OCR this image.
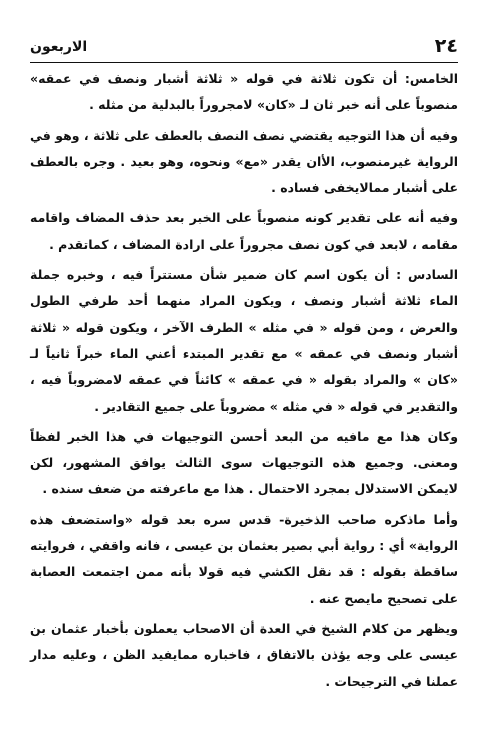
٢٤
الاربعون

الخامس: أن تكون ثلاثة في قوله « ثلاثة أشبار ونصف في عمقه» منصوباً على أنه خبر ثان لـ «كان» لامجروراً بالبدلية من مثله .

وفيه أن هذا التوجيه يقتضي نصف النصف بالعطف على ثلاثة ، وهو في الرواية غيرمنصوب، الأان يقدر «مع» ونحوه، وهو بعيد . وجره بالعطف على أشبار ممالايخفى فساده .

وفيه أنه على تقدير كونه منصوباً على الخبر بعد حذف المضاف واقامه مقامه ، لابعد في كون نصف مجروراً على ارادة المضاف ، كماتقدم .

السادس : أن يكون اسم كان ضمير شأن مستتراً فيه ، وخبره جملة الماء ثلاثة أشبار ونصف ، ويكون المراد منهما أحد طرفي الطول والعرض ، ومن قوله « في مثله » الطرف الآخر ، ويكون قوله « ثلاثة أشبار ونصف في عمقه » مع تقدير المبتدء أعني الماء خبراً ثانياً لـ «كان » والمراد بقوله « في عمقه » كائناً في عمقه لامضروباً فيه ، والتقدير في قوله « في مثله » مضروباً على جميع التقادير .

وكان هذا مع مافيه من البعد أحسن التوجيهات في هذا الخبر لفظاً ومعنى. وجميع هذه التوجيهات سوى الثالث يوافق المشهور، لكن لايمكن الاستدلال بمجرد الاحتمال . هذا مع ماعرفته من ضعف سنده .

وأما ماذكره صاحب الذخيرة- قدس سره بعد قوله «واستضعف هذه الرواية» أي : رواية أبي بصير بعثمان بن عيسى ، فانه واقفي ، فروايته ساقطة بقوله : قد نقل الكشي فيه قولا بأنه ممن اجتمعت العصابة على تصحيح مايصح عنه .

ويظهر من كلام الشيخ في العدة أن الاصحاب يعملون بأخبار عثمان بن عيسى على وجه يؤذن بالاتفاق ، فاخباره ممايفيد الظن ، وعليه مدار عملنا في الترجيحات .
